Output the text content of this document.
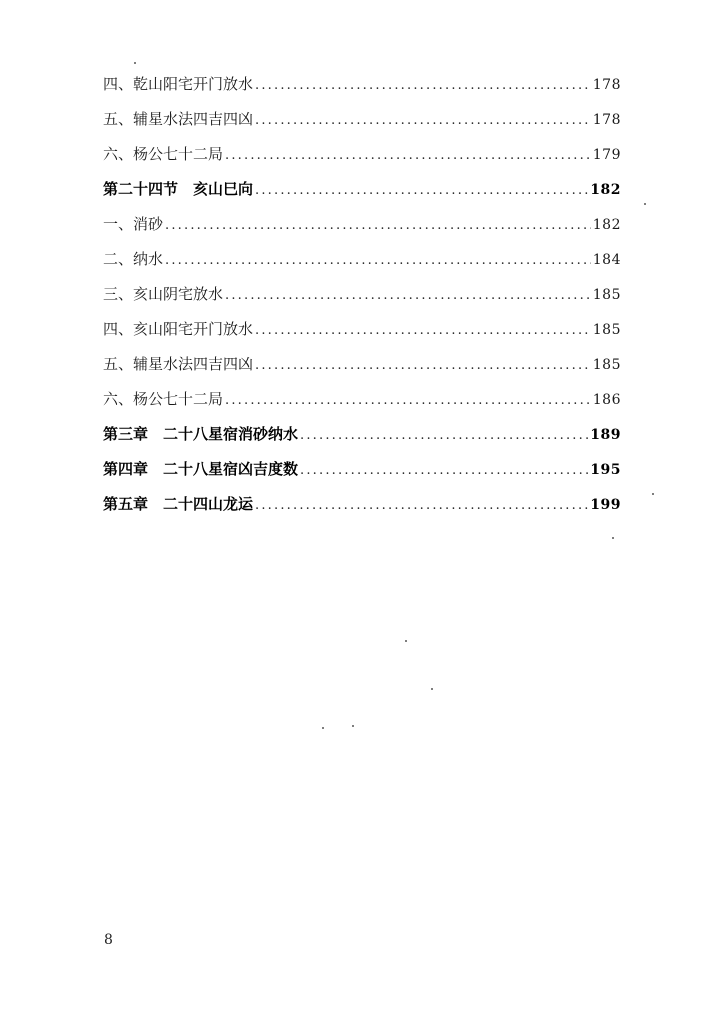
四、乾山阳宅开门放水 .....	178
五、辅星水法四吉四凶 .....	178
六、杨公七十二局 .....	179
第二十四节　亥山巳向 .....	182
一、消砂 .....	182
二、纳水 .....	184
三、亥山阴宅放水 .....	185
四、亥山阳宅开门放水 .....	185
五、辅星水法四吉四凶 .....	185
六、杨公七十二局 .....	186
第三章　二十八星宿消砂纳水 .....	189
第四章　二十八星宿凶吉度数 .....	195
第五章　二十四山龙运 .....	199
8
